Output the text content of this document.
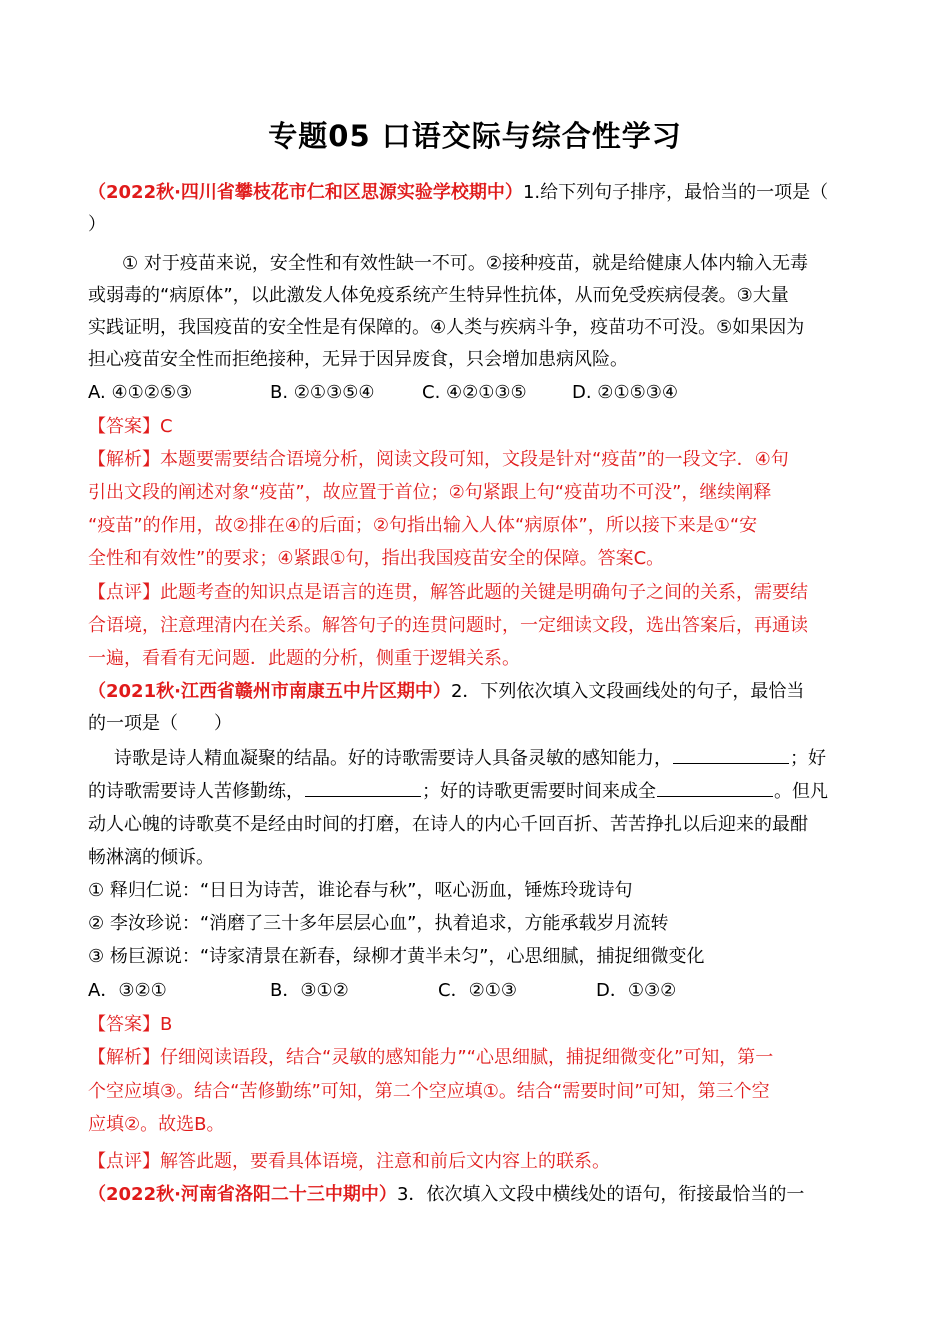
专题05 口语交际与综合性学习
（2022秋·四川省攀枝花市仁和区思源实验学校期中）1.给下列句子排序，最恰当的一项是（
）
① 对于疫苗来说，安全性和有效性缺一不可。②接种疫苗，就是给健康人体内输入无毒
或弱毒的“病原体”，以此激发人体免疫系统产生特异性抗体，从而免受疾病侵袭。③大量
实践证明，我国疫苗的安全性是有保障的。④人类与疾病斗争，疫苗功不可没。⑤如果因为
担心疫苗安全性而拒绝接种，无异于因异废食，只会增加患病风险。
A. ④①②⑤③	B. ②①③⑤④	C. ④②①③⑤	D. ②①⑤③④
【答案】C
【解析】本题要需要结合语境分析，阅读文段可知，文段是针对“疫苗”的一段文字．④句
引出文段的阐述对象“疫苗”，故应置于首位；②句紧跟上句“疫苗功不可没”，继续阐释
“疫苗”的作用，故②排在④的后面；②句指出输入人体“病原体”，所以接下来是①“安
全性和有效性”的要求；④紧跟①句，指出我国疫苗安全的保障。答案C。
【点评】此题考查的知识点是语言的连贯，解答此题的关键是明确句子之间的关系，需要结
合语境，注意理清内在关系。解答句子的连贯问题时，一定细读文段，选出答案后，再通读
一遍，看看有无问题．此题的分析，侧重于逻辑关系。
（2021秋·江西省赣州市南康五中片区期中）2．下列依次填入文段画线处的句子，最恰当
的一项是（　　）
诗歌是诗人精血凝聚的结晶。好的诗歌需要诗人具备灵敏的感知能力，	；好
的诗歌需要诗人苦修勤练，	；好的诗歌更需要时间来成全	。但凡
动人心魄的诗歌莫不是经由时间的打磨，在诗人的内心千回百折、苦苦挣扎以后迎来的最酣
畅淋漓的倾诉。
① 释归仁说：“日日为诗苦，谁论春与秋”，呕心沥血，锤炼玲珑诗句
② 李汝珍说：“消磨了三十多年层层心血”，执着追求，方能承载岁月流转
③ 杨巨源说：“诗家清景在新春，绿柳才黄半未匀”，心思细腻，捕捉细微变化
A．③②①	B．③①②	C．②①③	D．①③②
【答案】B
【解析】仔细阅读语段，结合“灵敏的感知能力”“心思细腻，捕捉细微变化”可知，第一
个空应填③。结合“苦修勤练”可知，第二个空应填①。结合“需要时间”可知，第三个空
应填②。故选B。
【点评】解答此题，要看具体语境，注意和前后文内容上的联系。
（2022秋·河南省洛阳二十三中期中）3．依次填入文段中横线处的语句，衔接最恰当的一
